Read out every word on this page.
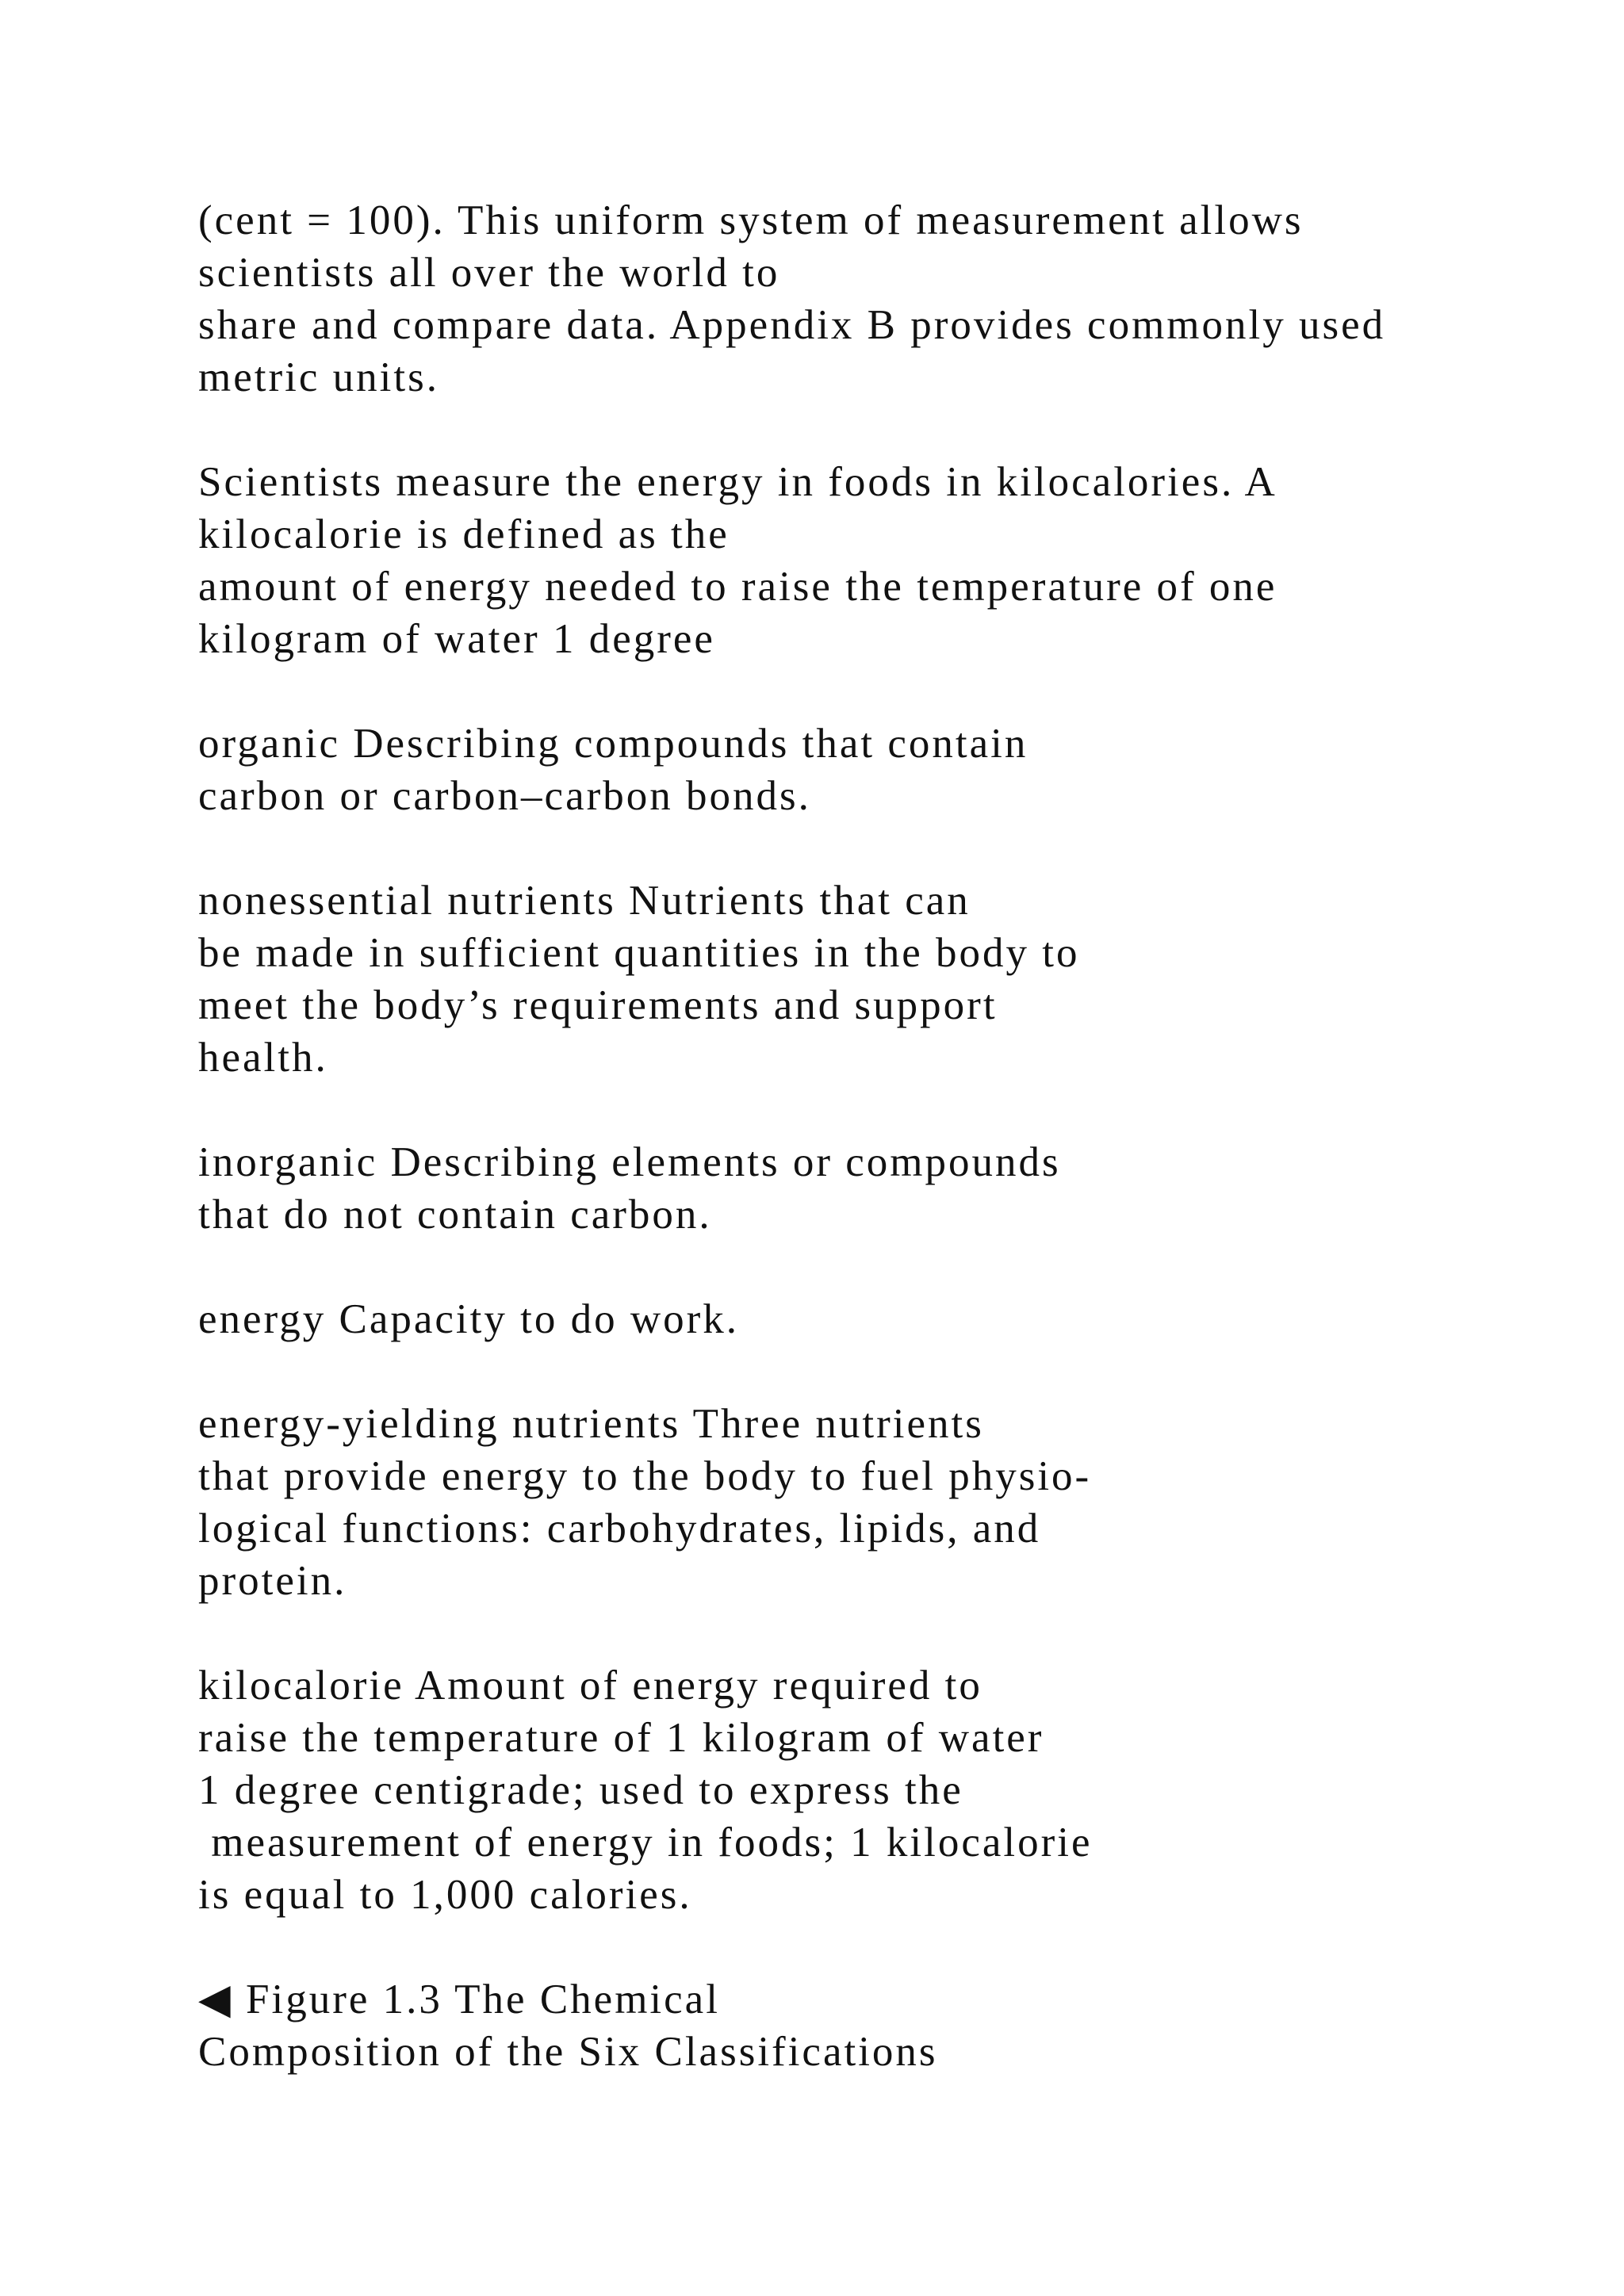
(cent = 100). This uniform system of measurement allows
scientists all over the world to
share and compare data. Appendix B provides commonly used
metric units.
Scientists measure the energy in foods in kilocalories. A
kilocalorie is defined as the
amount of energy needed to raise the temperature of one
kilogram of water 1 degree
organic Describing compounds that contain
carbon or carbon–carbon bonds.
nonessential nutrients Nutrients that can
be made in sufficient quantities in the body to
meet the body’s requirements and support
health.
inorganic Describing elements or compounds
that do not contain carbon.
energy Capacity to do work.
energy-yielding nutrients Three nutrients
that provide energy to the body to fuel physio-
logical functions: carbohydrates, lipids, and
protein.
kilocalorie Amount of energy required to
raise the temperature of 1 kilogram of water
1 degree centigrade; used to express the
measurement of energy in foods; 1 kilocalorie
is equal to 1,000 calories.
◀ Figure 1.3 The Chemical
Composition of the Six Classifications
